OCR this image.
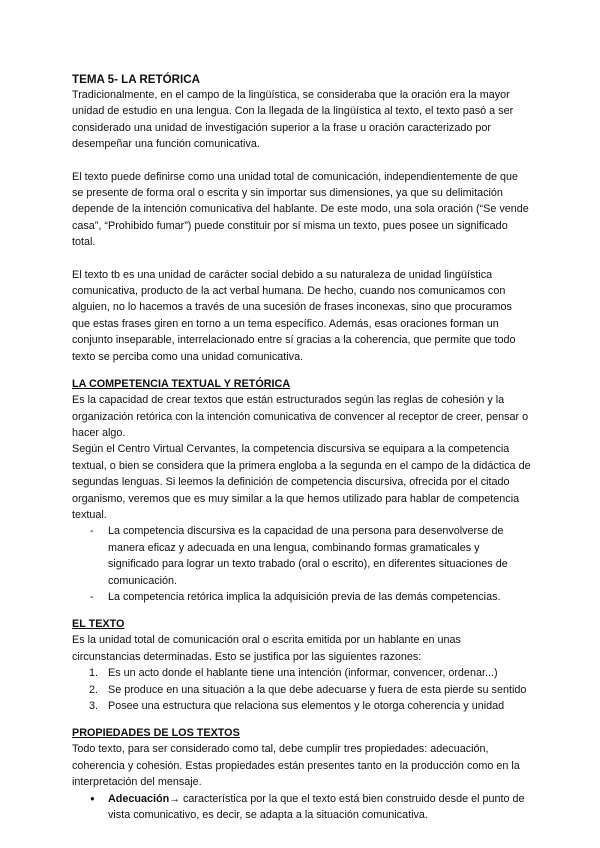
TEMA 5- LA RETÓRICA

Tradicionalmente, en el campo de la lingüística, se consideraba que la oración era la mayor unidad de estudio en una lengua. Con la llegada de la lingüística al texto, el texto pasó a ser considerado una unidad de investigación superior a la frase u oración caracterizado por desempeñar una función comunicativa.

El texto puede definirse como una unidad total de comunicación, independientemente de que se presente de forma oral o escrita y sin importar sus dimensiones, ya que su delimitación depende de la intención comunicativa del hablante. De este modo, una sola oración (“Se vende casa”, “Prohibido fumar”) puede constituir por sí misma un texto, pues posee un significado total.

El texto tb es una unidad de carácter social debido a su naturaleza de unidad lingüística comunicativa, producto de la act verbal humana. De hecho, cuando nos comunicamos con alguien, no lo hacemos a través de una sucesión de frases inconexas, sino que procuramos que estas frases giren en torno a un tema específico. Además, esas oraciones forman un conjunto inseparable, interrelacionado entre sí gracias a la coherencia, que permite que todo texto se perciba como una unidad comunicativa.

LA COMPETENCIA TEXTUAL Y RETÓRICA

Es la capacidad de crear textos que están estructurados según las reglas de cohesión y la organización retórica con la intención comunicativa de convencer al receptor de creer, pensar o hacer algo.

Según el Centro Virtual Cervantes, la competencia discursiva se equipara a la competencia textual, o bien se considera que la primera engloba a la segunda en el campo de la didáctica de segundas lenguas. Si leemos la definición de competencia discursiva, ofrecida por el citado organismo, veremos que es muy similar a la que hemos utilizado para hablar de competencia textual.

- La competencia discursiva es la capacidad de una persona para desenvolverse de manera eficaz y adecuada en una lengua, combinando formas gramaticales y significado para lograr un texto trabado (oral o escrito), en diferentes situaciones de comunicación.
- La competencia retórica implica la adquisición previa de las demás competencias.

EL TEXTO

Es la unidad total de comunicación oral o escrita emitida por un hablante en unas circunstancias determinadas. Esto se justifica por las siguientes razones:

1. Es un acto donde el hablante tiene una intención (informar, convencer, ordenar...)
2. Se produce en una situación a la que debe adecuarse y fuera de esta pierde su sentido
3. Posee una estructura que relaciona sus elementos y le otorga coherencia y unidad

PROPIEDADES DE LOS TEXTOS

Todo texto, para ser considerado como tal, debe cumplir tres propiedades: adecuación, coherencia y cohesión. Estas propiedades están presentes tanto en la producción como en la interpretación del mensaje.

● Adecuación→ característica por la que el texto está bien construido desde el punto de vista comunicativo, es decir, se adapta a la situación comunicativa.
